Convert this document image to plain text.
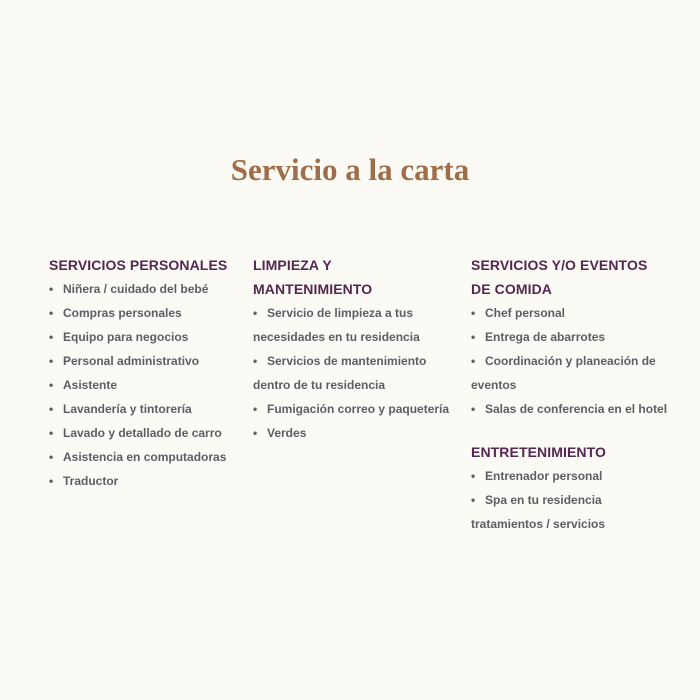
Servicio a la carta
SERVICIOS PERSONALES
• Niñera / cuidado del bebé
• Compras personales
• Equipo para negocios
• Personal administrativo
• Asistente
• Lavandería y tintorería
• Lavado y detallado de carro
• Asistencia en computadoras
• Traductor
LIMPIEZA Y
MANTENIMIENTO
• Servicio de limpieza a tus necesidades en tu residencia
• Servicios de mantenimiento dentro de tu residencia
• Fumigación correo y paquetería
• Verdes
SERVICIOS Y/O EVENTOS
DE COMIDA
• Chef personal
• Entrega de abarrotes
• Coordinación y planeación de eventos
• Salas de conferencia en el hotel
ENTRETENIMIENTO
• Entrenador personal
• Spa en tu residencia tratamientos / servicios
